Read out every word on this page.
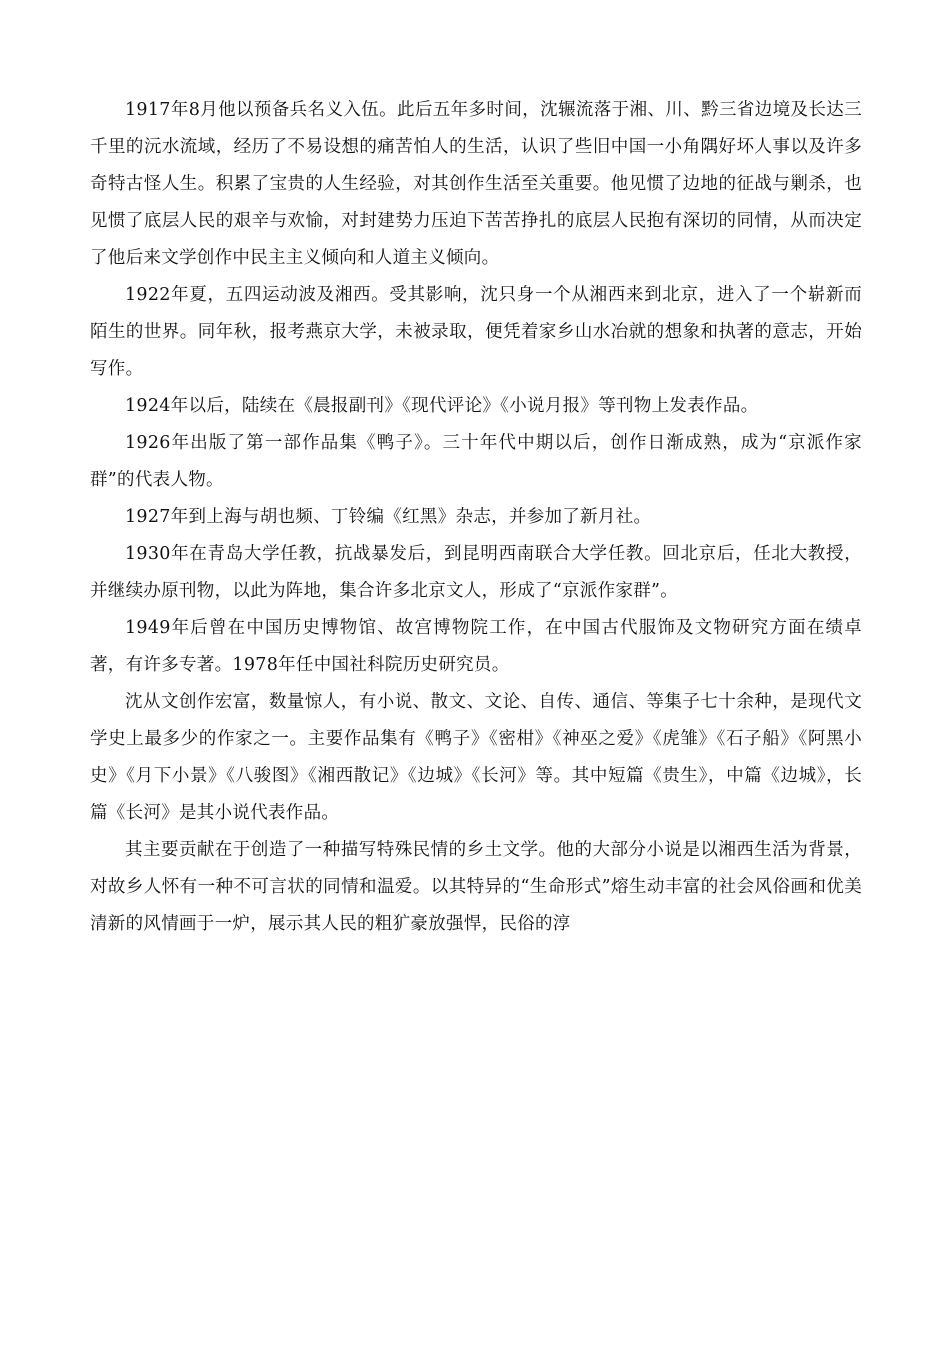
1917年8月他以预备兵名义入伍。此后五年多时间，沈辗流落于湘、川、黔三省边境及长达三千里的沅水流域，经历了不易设想的痛苦怕人的生活，认识了些旧中国一小角隅好坏人事以及许多奇特古怪人生。积累了宝贵的人生经验，对其创作生活至关重要。他见惯了边地的征战与剿杀，也见惯了底层人民的艰辛与欢愉，对封建势力压迫下苦苦挣扎的底层人民抱有深切的同情，从而决定了他后来文学创作中民主主义倾向和人道主义倾向。

1922年夏，五四运动波及湘西。受其影响，沈只身一个从湘西来到北京，进入了一个崭新而陌生的世界。同年秋，报考燕京大学，未被录取，便凭着家乡山水冶就的想象和执著的意志，开始写作。

1924年以后，陆续在《晨报副刊》《现代评论》《小说月报》等刊物上发表作品。

1926年出版了第一部作品集《鸭子》。三十年代中期以后，创作日渐成熟，成为“京派作家群”的代表人物。

1927年到上海与胡也频、丁铃编《红黑》杂志，并参加了新月社。

1930年在青岛大学任教，抗战暴发后，到昆明西南联合大学任教。回北京后，任北大教授，并继续办原刊物，以此为阵地，集合许多北京文人，形成了“京派作家群”。

1949年后曾在中国历史博物馆、故宫博物院工作，在中国古代服饰及文物研究方面在绩卓著，有许多专著。1978年任中国社科院历史研究员。

沈从文创作宏富，数量惊人，有小说、散文、文论、自传、通信、等集子七十余种，是现代文学史上最多少的作家之一。主要作品集有《鸭子》《密柑》《神巫之爱》《虎雏》《石子船》《阿黑小史》《月下小景》《八骏图》《湘西散记》《边城》《长河》等。其中短篇《贵生》，中篇《边城》，长篇《长河》是其小说代表作品。

其主要贡献在于创造了一种描写特殊民情的乡土文学。他的大部分小说是以湘西生活为背景，对故乡人怀有一种不可言状的同情和温爱。以其特异的“生命形式”熔生动丰富的社会风俗画和优美清新的风情画于一炉，展示其人民的粗犷豪放强悍，民俗的淳
